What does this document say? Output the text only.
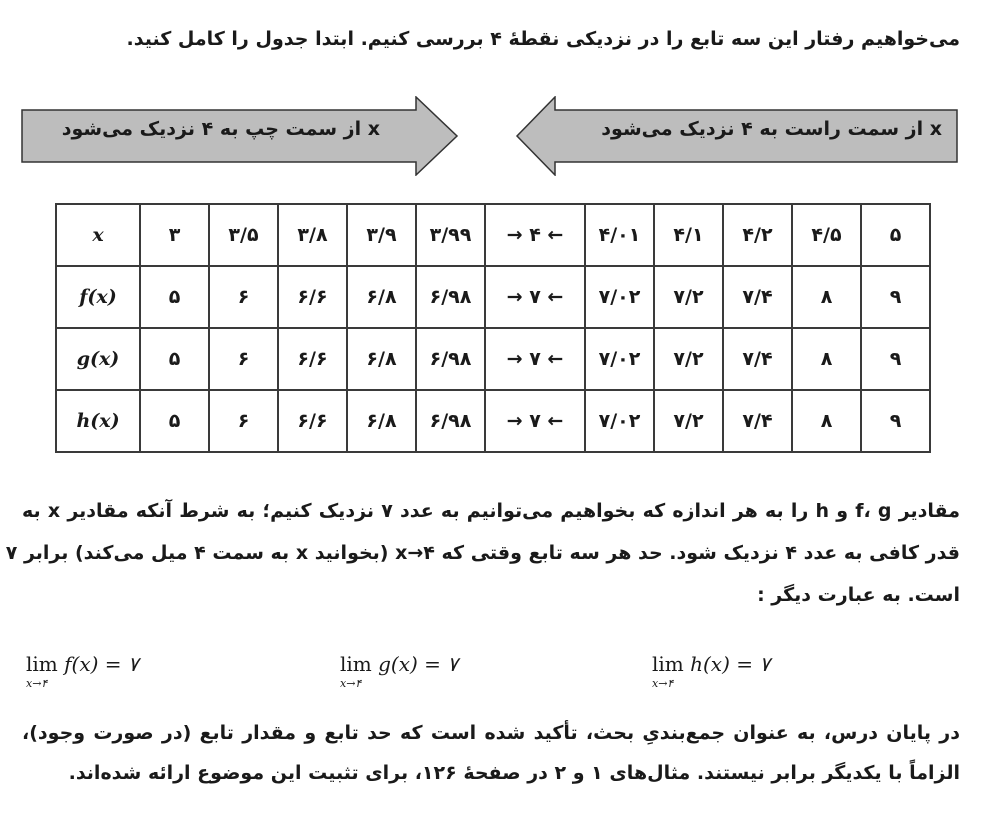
می‌خواهیم رفتار این سه تابع را در نزدیکی نقطهٔ ۴ بررسی کنیم. ابتدا جدول را کامل کنید.
x از سمت چپ به ۴ نزدیک می‌شود	x از سمت راست به ۴ نزدیک می‌شود
x	۳	۳/۵	۳/۸	۳/۹	۳/۹۹	→ ۴ ←	۴/۰۱	۴/۱	۴/۲	۴/۵	۵
f(x)	۵	۶	۶/۶	۶/۸	۶/۹۸	→ ۷ ←	۷/۰۲	۷/۲	۷/۴	۸	۹
g(x)	۵	۶	۶/۶	۶/۸	۶/۹۸	→ ۷ ←	۷/۰۲	۷/۲	۷/۴	۸	۹
h(x)	۵	۶	۶/۶	۶/۸	۶/۹۸	→ ۷ ←	۷/۰۲	۷/۲	۷/۴	۸	۹
مقادیر f، g و h را به هر اندازه که بخواهیم می‌توانیم به عدد ۷ نزدیک کنیم؛ به شرط آنکه مقادیر x به
قدر کافی به عدد ۴ نزدیک شود. حد هر سه تابع وقتی که ۴→x (بخوانید x به سمت ۴ میل می‌کند) برابر ۷
است. به عبارت دیگر :
lim f(x) = ۷
x→۴
lim g(x) = ۷
x→۴
lim h(x) = ۷
x→۴
در پایان درس، به عنوان جمع‌بندیِ بحث، تأکید شده است که حد تابع و مقدار تابع (در صورت وجود)،
الزاماً با یکدیگر برابر نیستند. مثال‌های ۱ و ۲ در صفحهٔ ۱۲۶، برای تثبیت این موضوع ارائه شده‌اند.
